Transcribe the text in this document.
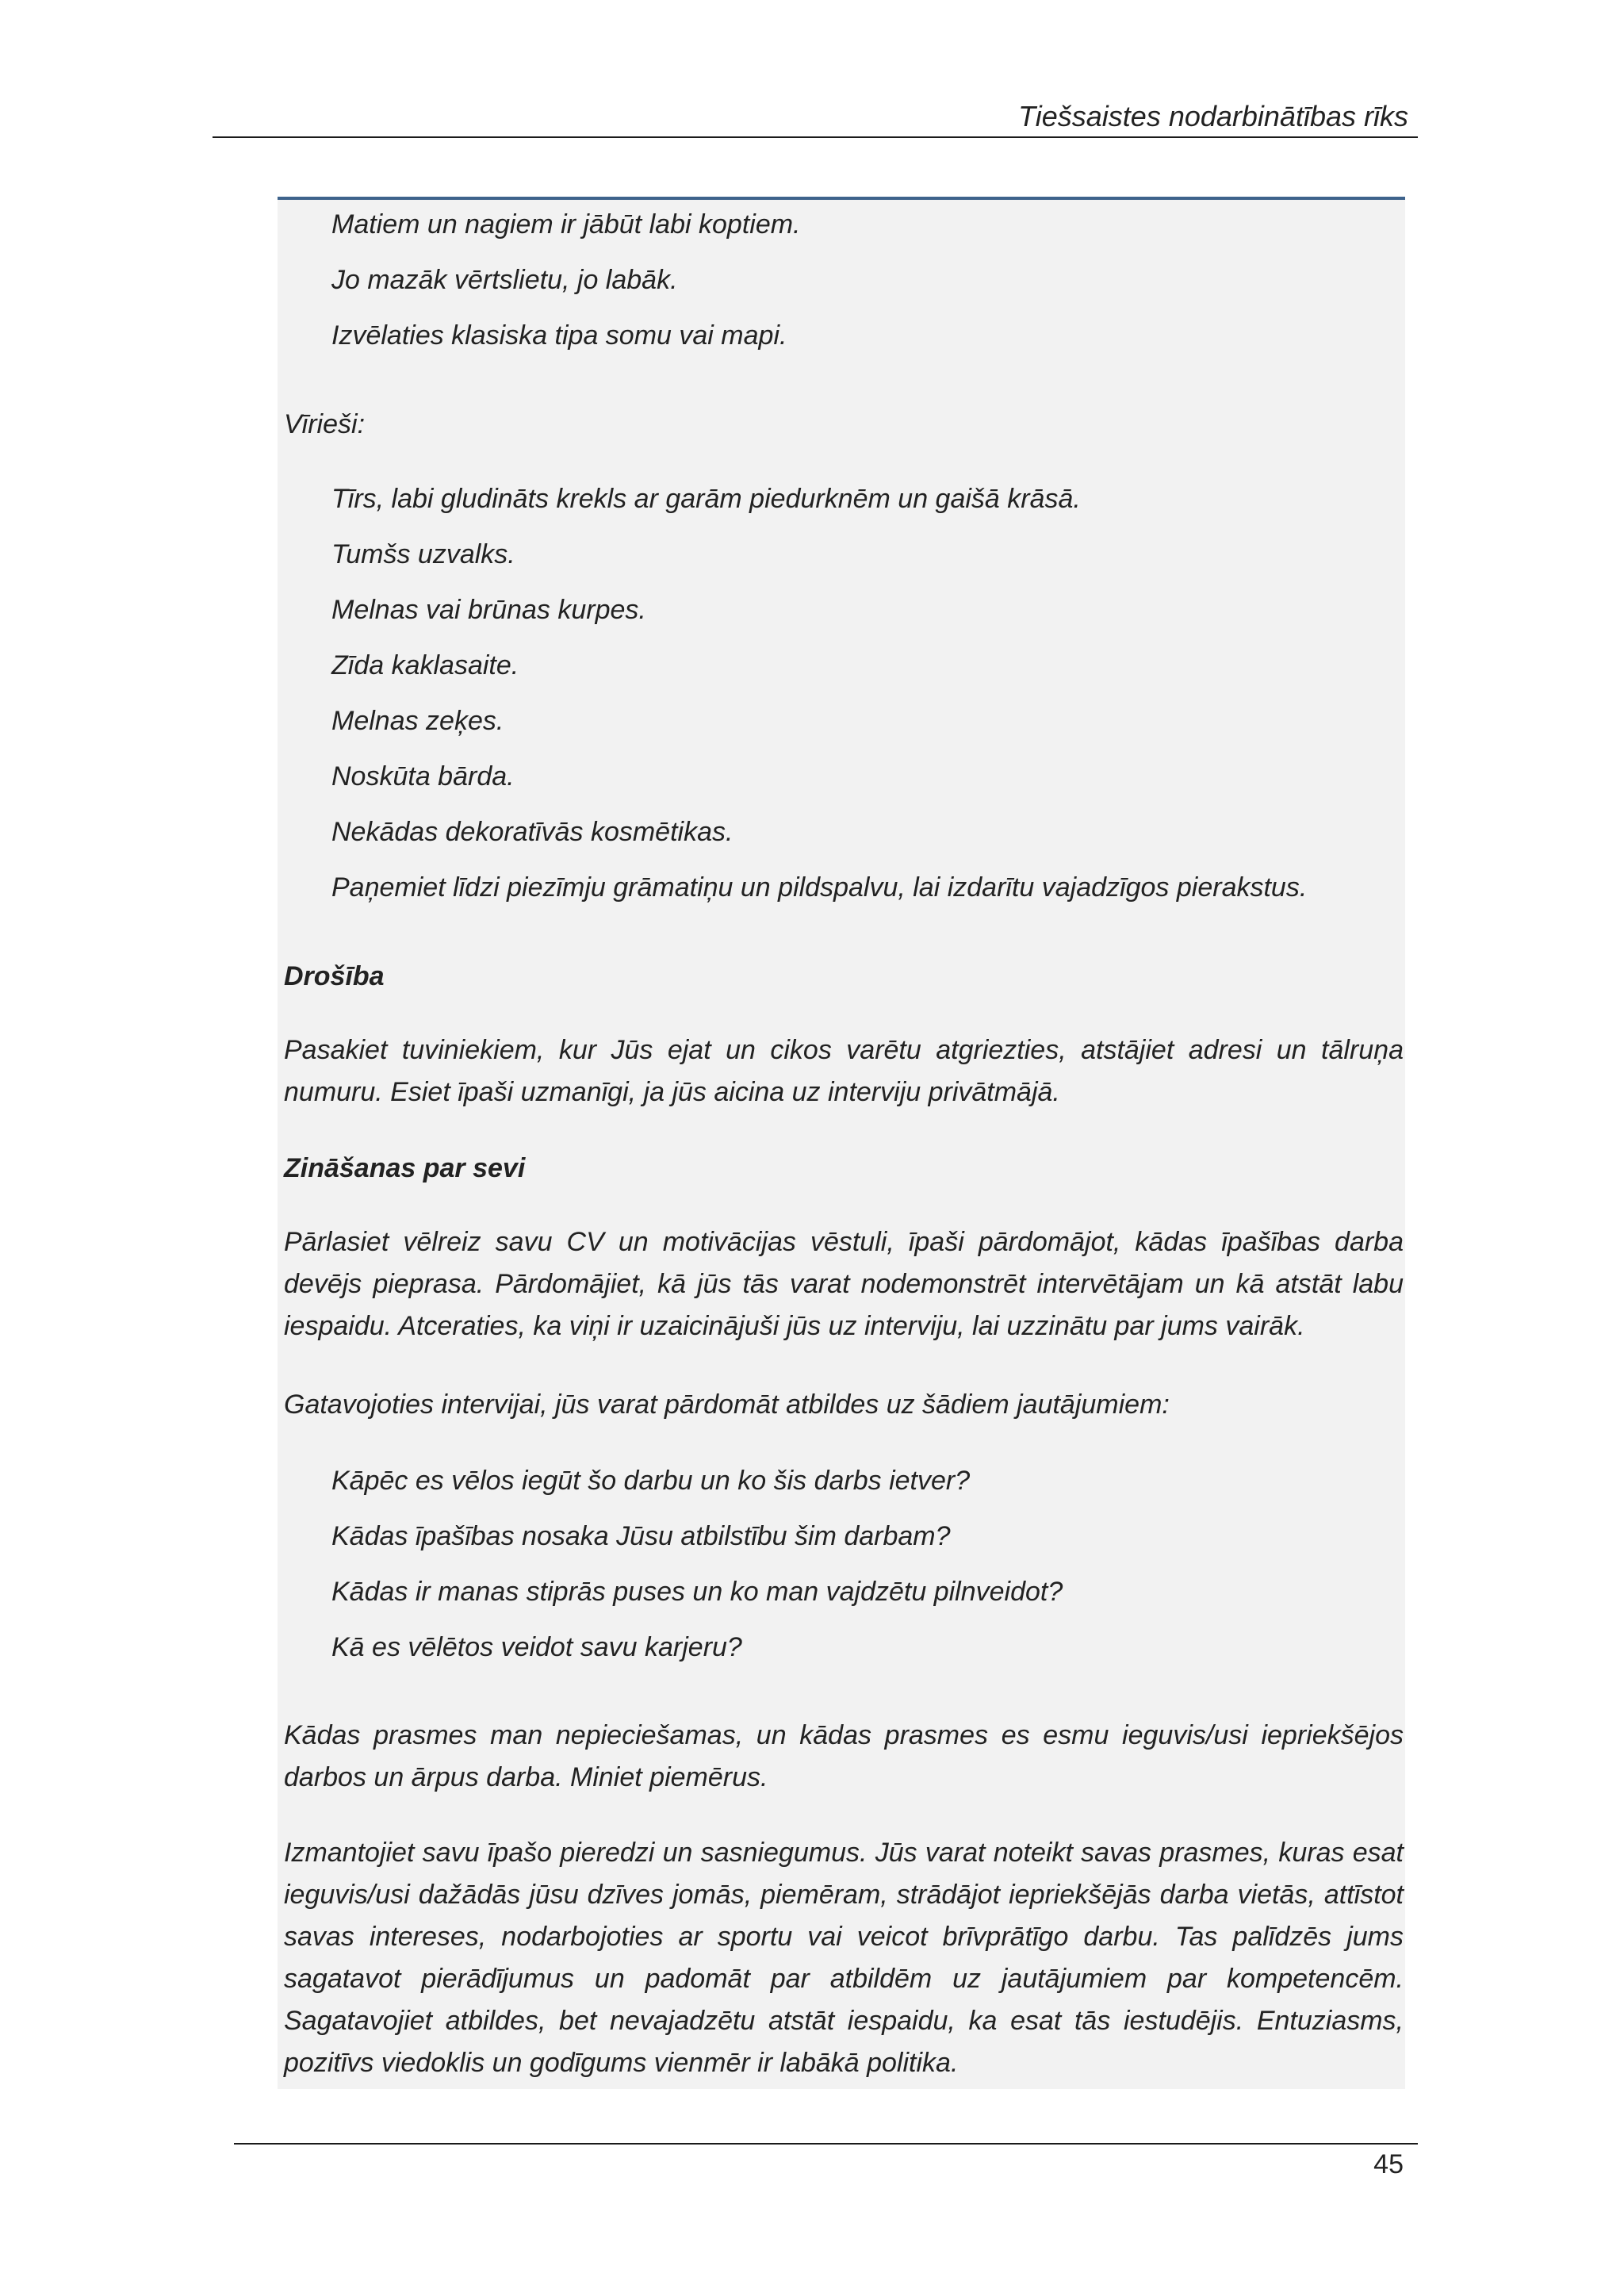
Tiešsaistes nodarbinātības rīks
Matiem un nagiem ir jābūt labi koptiem.
Jo mazāk vērtslietu, jo labāk.
Izvēlaties klasiska tipa somu vai mapi.
Vīrieši:
Tīrs, labi gludināts krekls ar garām piedurknēm un gaišā krāsā.
Tumšs uzvalks.
Melnas vai brūnas kurpes.
Zīda kaklasaite.
Melnas zeķes.
Noskūta bārda.
Nekādas dekoratīvās kosmētikas.
Paņemiet līdzi piezīmju grāmatiņu un pildspalvu, lai izdarītu vajadzīgos pierakstus.
Drošība

Pasakiet tuviniekiem, kur Jūs ejat un cikos varētu atgriezties, atstājiet adresi un tālruņa numuru. Esiet īpaši uzmanīgi, ja jūs aicina uz interviju privātmājā.

Zināšanas par sevi

Pārlasiet vēlreiz savu CV un motivācijas vēstuli, īpaši pārdomājot, kādas īpašības darba devējs pieprasa. Pārdomājiet, kā jūs tās varat nodemonstrēt intervētājam un kā atstāt labu iespaidu. Atceraties, ka viņi ir uzaicinājuši jūs uz interviju, lai uzzinātu par jums vairāk.

Gatavojoties intervijai, jūs varat pārdomāt atbildes uz šādiem jautājumiem:
Kāpēc es vēlos iegūt šo darbu un ko šis darbs ietver?
Kādas īpašības nosaka Jūsu atbilstību šim darbam?
Kādas ir manas stiprās puses un ko man vajdzētu pilnveidot?
Kā es vēlētos veidot savu karjeru?

Kādas prasmes man nepieciešamas, un kādas prasmes es esmu ieguvis/usi iepriekšējos darbos un ārpus darba. Miniet piemērus.

Izmantojiet savu īpašo pieredzi un sasniegumus. Jūs varat noteikt savas prasmes, kuras esat ieguvis/usi dažādās jūsu dzīves jomās, piemēram, strādājot iepriekšējās darba vietās, attīstot savas intereses, nodarbojoties ar sportu vai veicot brīvprātīgo darbu. Tas palīdzēs jums sagatavot pierādījumus un padomāt par atbildēm uz jautājumiem par kompetencēm. Sagatavojiet atbildes, bet nevajadzētu atstāt iespaidu, ka esat tās iestudējis. Entuziasms, pozitīvs viedoklis un godīgums vienmēr ir labākā politika.

45
